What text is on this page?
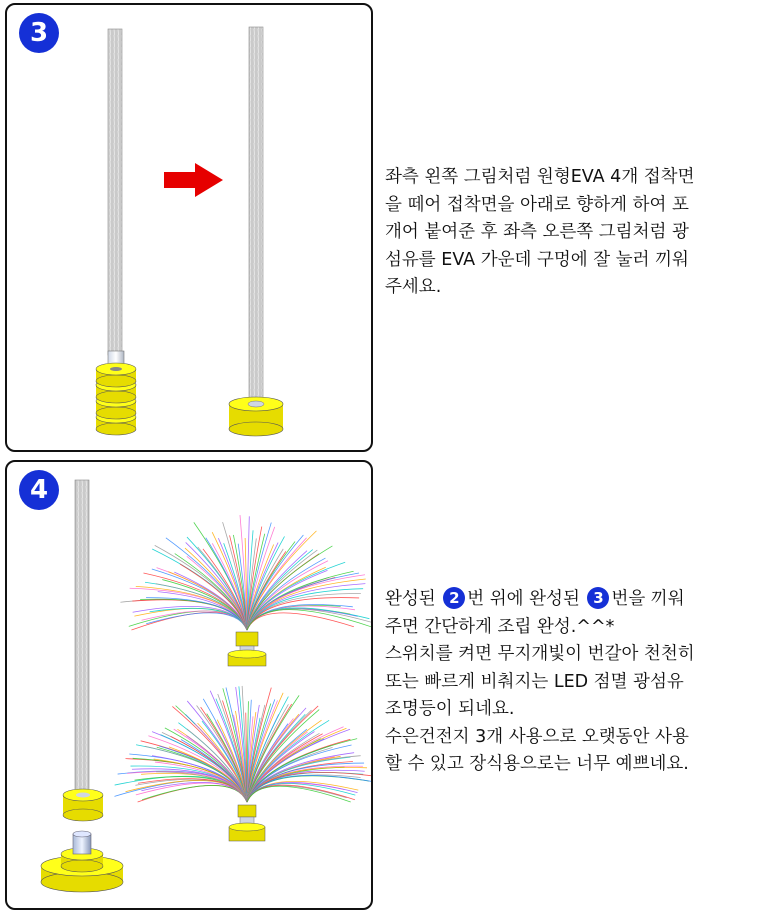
3
좌측 왼쪽 그림처럼 원형EVA 4개 접착면
을 떼어 접착면을 아래로 향하게 하여 포
개어 붙여준 후 좌측 오른쪽 그림처럼 광
섬유를 EVA 가운데 구멍에 잘 눌러 끼워
주세요.
4
완성된 2 번 위에 완성된 3 번을 끼워
주면 간단하게 조립 완성.^^*
스위치를 켜면 무지개빛이 번갈아 천천히
또는 빠르게 비춰지는 LED 점멸 광섬유
조명등이 되네요.
수은건전지 3개 사용으로 오랫동안 사용
할 수 있고 장식용으로는 너무 예쁘네요.
